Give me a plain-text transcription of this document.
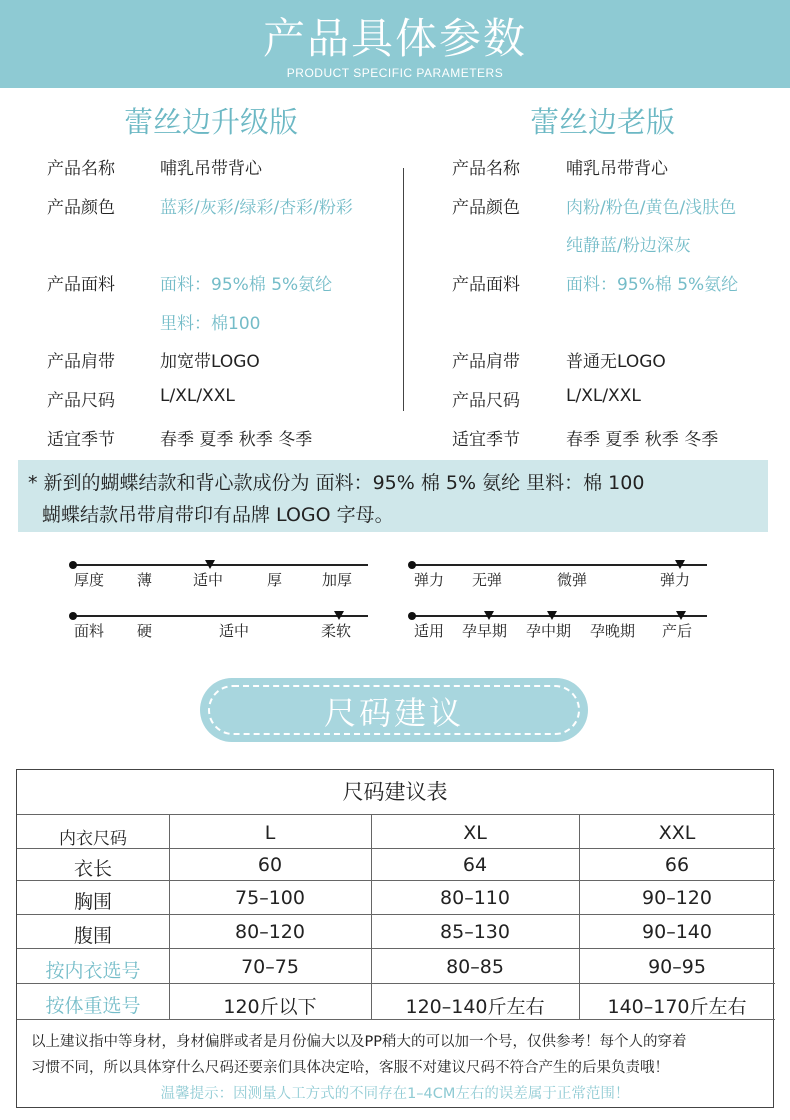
产品具体参数
PRODUCT SPECIFIC PARAMETERS
蕾丝边升级版	蕾丝边老版
产品名称	哺乳吊带背心
产品颜色	蓝彩/灰彩/绿彩/杏彩/粉彩
产品面料	面料：95%棉 5%氨纶
里料：棉100
产品肩带	加宽带LOGO
产品尺码	L/XL/XXL
适宜季节	春季 夏季 秋季 冬季
产品名称	哺乳吊带背心
产品颜色	肉粉/粉色/黄色/浅肤色
纯静蓝/粉边深灰
产品面料	面料：95%棉 5%氨纶
产品肩带	普通无LOGO
产品尺码	L/XL/XXL
适宜季节	春季 夏季 秋季 冬季
* 新到的蝴蝶结款和背心款成份为 面料：95% 棉 5% 氨纶 里料：棉 100
蝴蝶结款吊带肩带印有品牌 LOGO 字母。
厚度 薄	适中	厚	加厚	弹力 无弹	微弹	弹力
面料 硬	适中	柔软	适用 孕早期 孕中期 孕晚期 产后
尺码建议
尺码建议表
内衣尺码	L	XL	XXL
衣长	60	64	66
胸围	75–100	80–110	90–120
腹围	80–120	85–130	90–140
按内衣选号	70–75	80–85	90–95
按体重选号	120斤以下	120–140斤左右	140–170斤左右
以上建议指中等身材，身材偏胖或者是月份偏大以及PP稍大的可以加一个号，仅供参考！每个人的穿着
习惯不同，所以具体穿什么尺码还要亲们具体决定哈，客服不对建议尺码不符合产生的后果负责哦！
温馨提示：因测量人工方式的不同存在1–4CM左右的误差属于正常范围！
